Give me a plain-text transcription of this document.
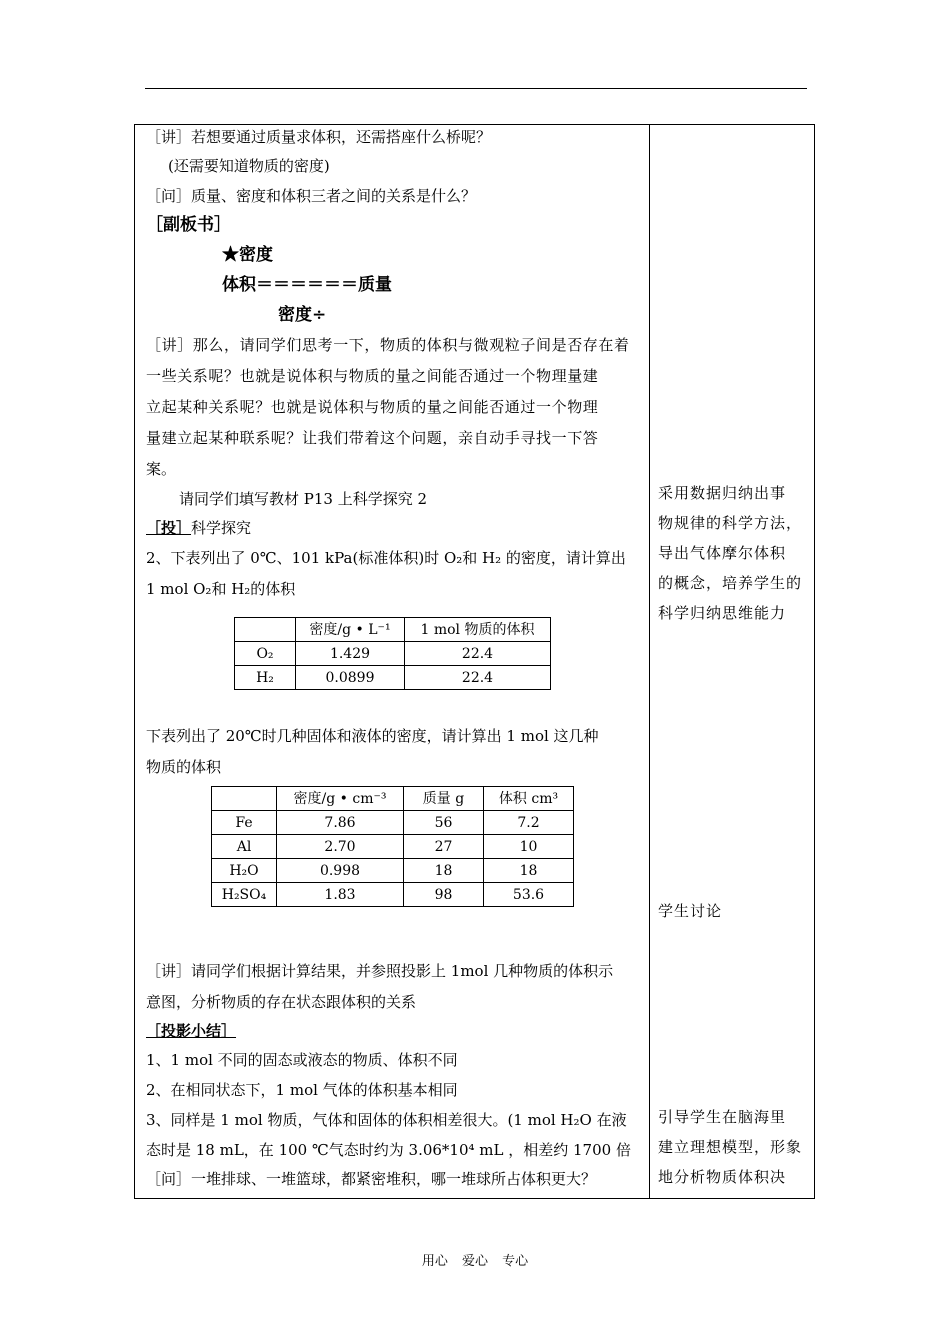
［讲］若想要通过质量求体积，还需搭座什么桥呢？
(还需要知道物质的密度)
［问］质量、密度和体积三者之间的关系是什么？
［副板书］
★密度
体积＝＝＝＝＝＝质量
密度÷
［讲］那么，请同学们思考一下，物质的体积与微观粒子间是否存在着
一些关系呢？也就是说体积与物质的量之间能否通过一个物理量建
立起某种关系呢？也就是说体积与物质的量之间能否通过一个物理
量建立起某种联系呢？让我们带着这个问题，亲自动手寻找一下答
案。
请同学们填写教材 P13 上科学探究 2
［投］科学探究
2、下表列出了 0℃、101 kPa(标准体积)时 O₂和 H₂ 的密度，请计算出
1 mol O₂和 H₂的体积
	密度/g • L⁻¹	1 mol 物质的体积
O₂	1.429	22.4
H₂	0.0899	22.4
下表列出了 20℃时几种固体和液体的密度，请计算出 1 mol 这几种
物质的体积
	密度/g • cm⁻³	质量 g	体积 cm³
Fe	7.86	56	7.2
Al	2.70	27	10
H₂O	0.998	18	18
H₂SO₄	1.83	98	53.6
［讲］请同学们根据计算结果，并参照投影上 1mol 几种物质的体积示
意图，分析物质的存在状态跟体积的关系
［投影小结］
1、1 mol 不同的固态或液态的物质、体积不同
2、在相同状态下，1 mol 气体的体积基本相同
3、同样是 1 mol 物质，气体和固体的体积相差很大。(1 mol H₂O 在液
态时是 18 mL，在 100 ℃气态时约为 3.06*10⁴ mL ，相差约 1700 倍
［问］一堆排球、一堆篮球，都紧密堆积，哪一堆球所占体积更大？
采用数据归纳出事
物规律的科学方法，
导出气体摩尔体积
的概念，培养学生的
科学归纳思维能力
学生讨论
引导学生在脑海里
建立理想模型，形象
地分析物质体积决
用心 爱心 专心
